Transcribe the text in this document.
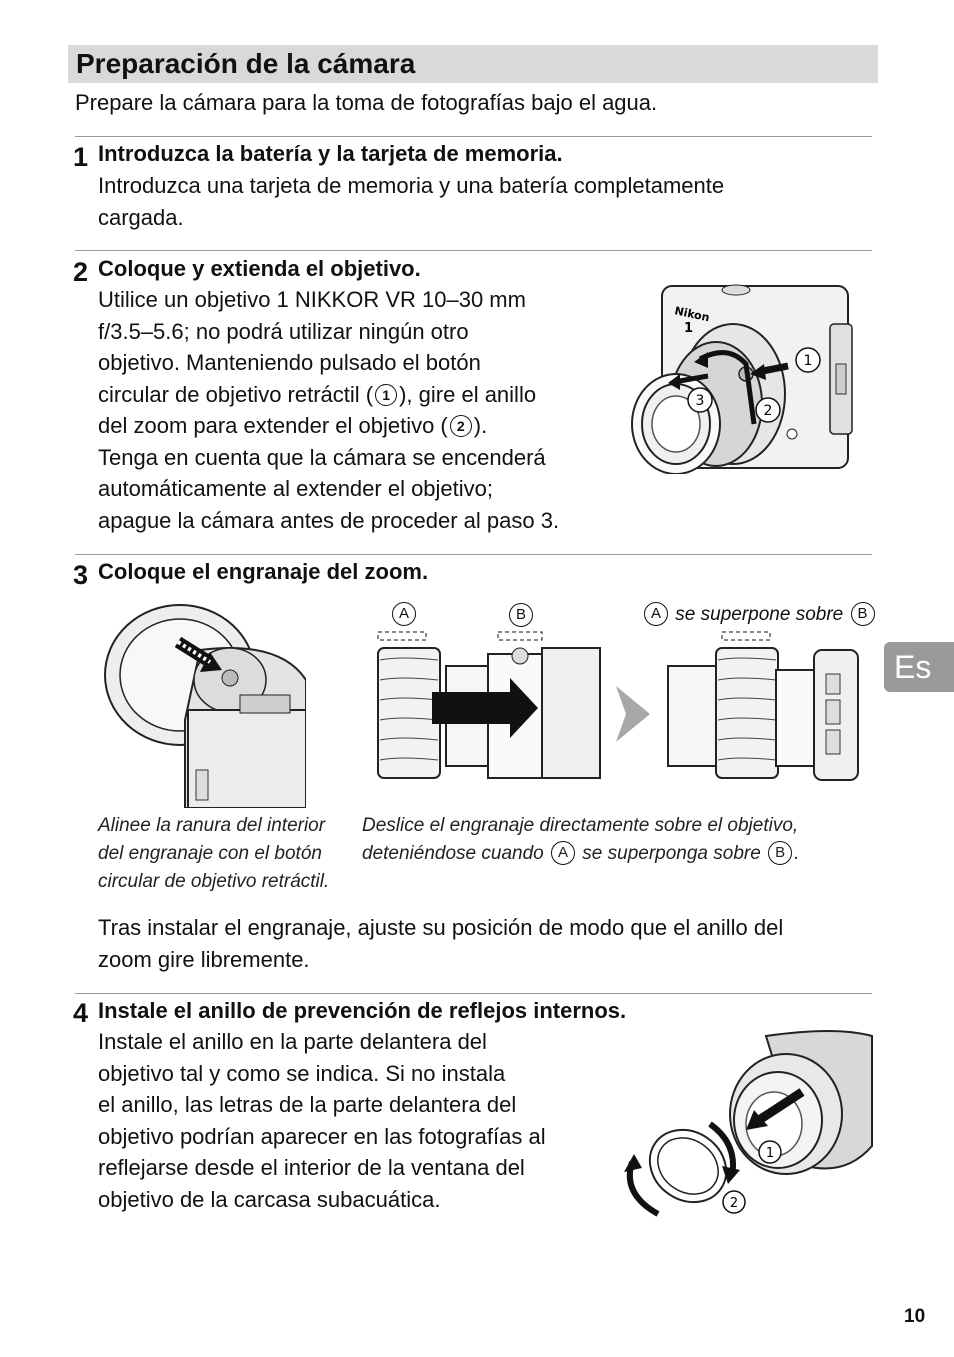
Preparación de la cámara
Prepare la cámara para la toma de fotografías bajo el agua.
1 Introduzca la batería y la tarjeta de memoria.
Introduzca una tarjeta de memoria y una batería completamente
cargada.
2 Coloque y extienda el objetivo.
Utilice un objetivo 1 NIKKOR VR 10–30 mm
f/3.5–5.6; no podrá utilizar ningún otro
objetivo. Manteniendo pulsado el botón
circular de objetivo retráctil ( 1 ), gire el anillo
del zoom para extender el objetivo ( 2 ).
Tenga en cuenta que la cámara se encenderá
automáticamente al extender el objetivo;
apague la cámara antes de proceder al paso 3.
Nikon
1
1
2
3
3 Coloque el engranaje del zoom.
A	B	A se superpone sobre B
Alinee la ranura del interior
del engranaje con el botón
circular de objetivo retráctil.
Deslice el engranaje directamente sobre el objetivo,
deteniéndose cuando A se superponga sobre B .
Tras instalar el engranaje, ajuste su posición de modo que el anillo del
zoom gire libremente.
4 Instale el anillo de prevención de reflejos internos.
Instale el anillo en la parte delantera del
objetivo tal y como se indica. Si no instala
el anillo, las letras de la parte delantera del
objetivo podrían aparecer en las fotografías al
reflejarse desde el interior de la ventana del
objetivo de la carcasa subacuática.
1
2
Es
10
